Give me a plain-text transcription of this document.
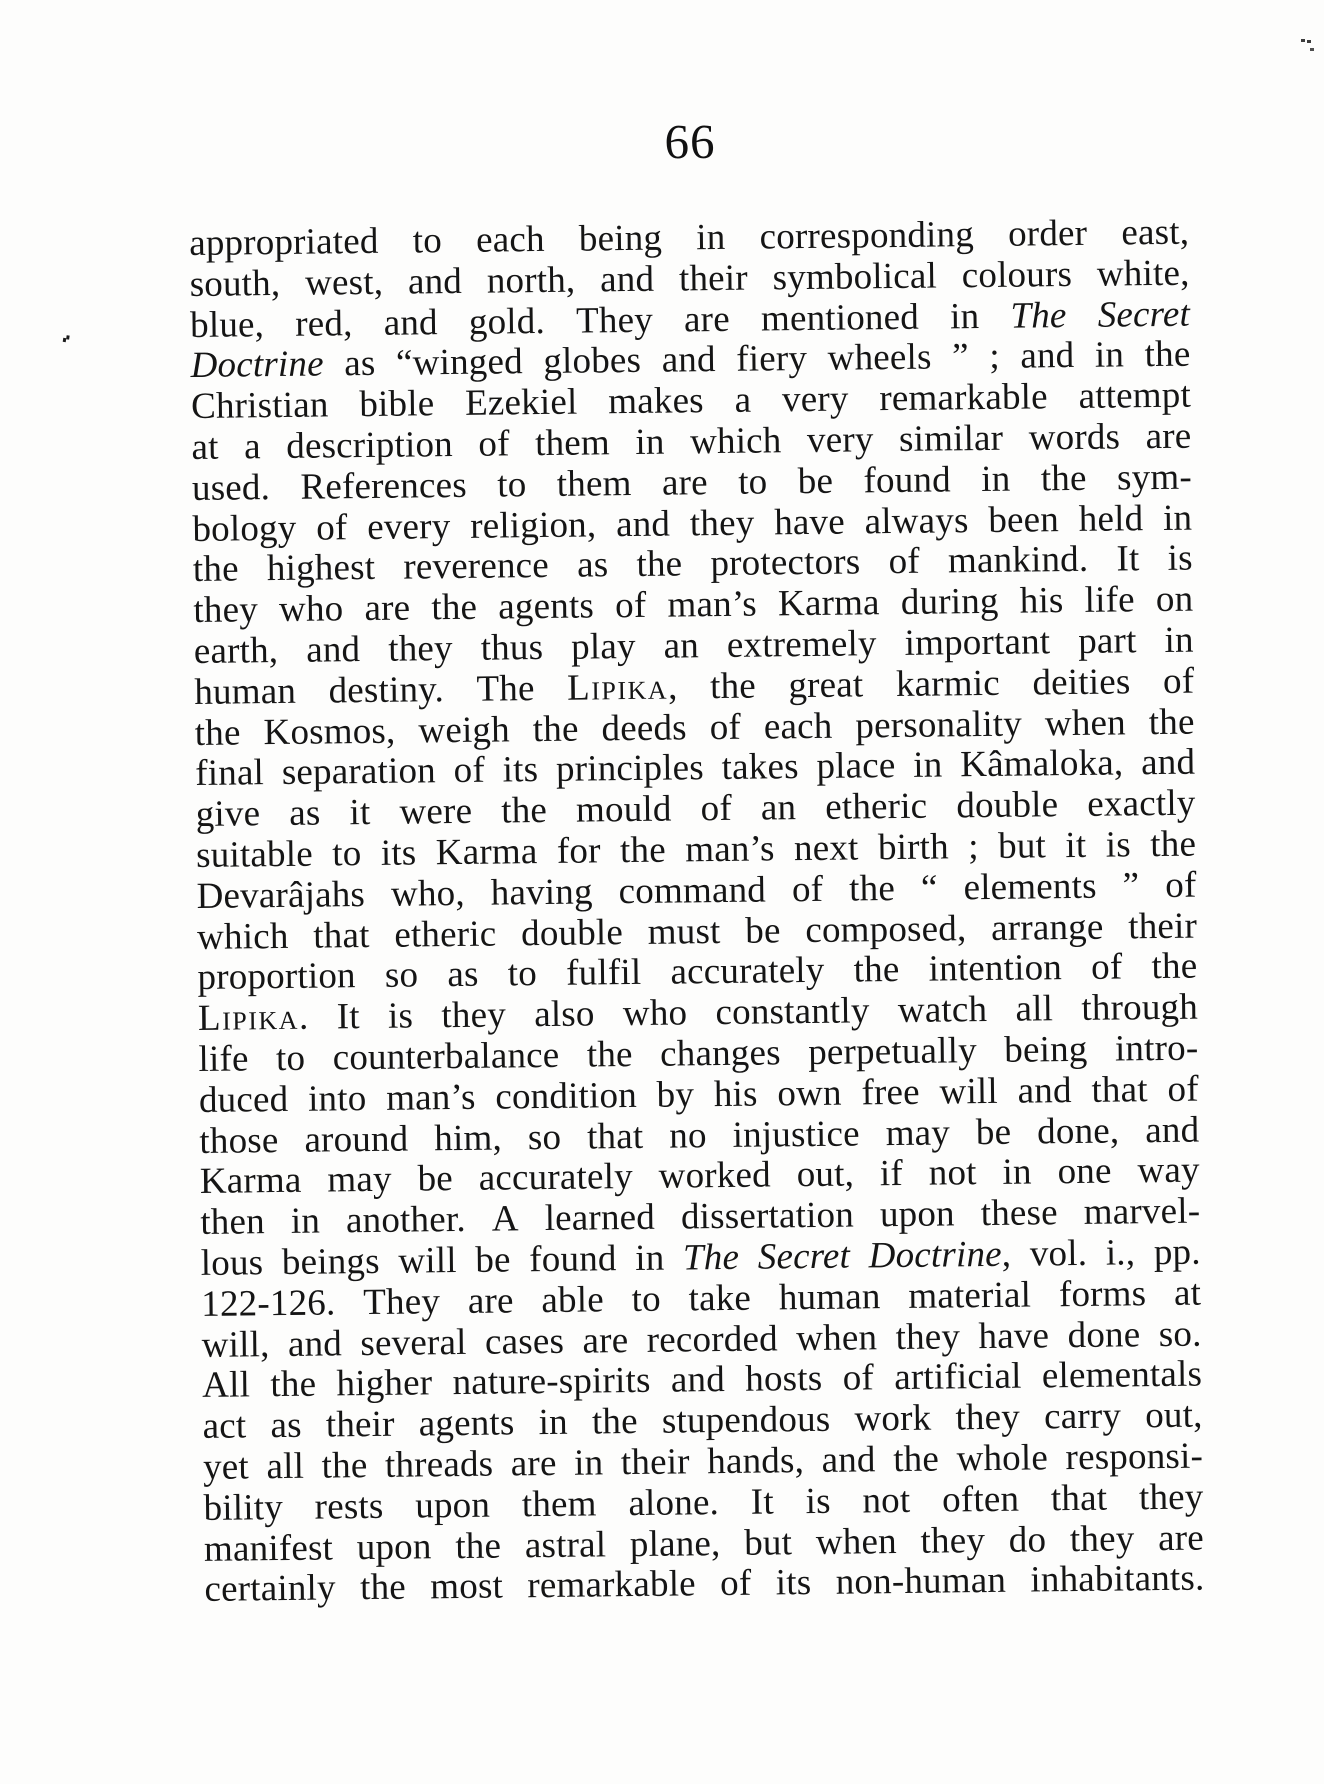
66
appropriated to each being in corresponding order east,
south, west, and north, and their symbolical colours white,
blue, red, and gold. They are mentioned in The Secret
Doctrine as “winged globes and fiery wheels ” ; and in the
Christian bible Ezekiel makes a very remarkable attempt
at a description of them in which very similar words are
used. References to them are to be found in the sym-
bology of every religion, and they have always been held in
the highest reverence as the protectors of mankind. It is
they who are the agents of man’s Karma during his life on
earth, and they thus play an extremely important part in
human destiny. The Lipika, the great karmic deities of
the Kosmos, weigh the deeds of each personality when the
final separation of its principles takes place in Kâmaloka, and
give as it were the mould of an etheric double exactly
suitable to its Karma for the man’s next birth ; but it is the
Devarâjahs who, having command of the “ elements ” of
which that etheric double must be composed, arrange their
proportion so as to fulfil accurately the intention of the
Lipika. It is they also who constantly watch all through
life to counterbalance the changes perpetually being intro-
duced into man’s condition by his own free will and that of
those around him, so that no injustice may be done, and
Karma may be accurately worked out, if not in one way
then in another. A learned dissertation upon these marvel-
lous beings will be found in The Secret Doctrine, vol. i., pp.
122-126. They are able to take human material forms at
will, and several cases are recorded when they have done so.
All the higher nature-spirits and hosts of artificial elementals
act as their agents in the stupendous work they carry out,
yet all the threads are in their hands, and the whole responsi-
bility rests upon them alone. It is not often that they
manifest upon the astral plane, but when they do they are
certainly the most remarkable of its non-human inhabitants.
